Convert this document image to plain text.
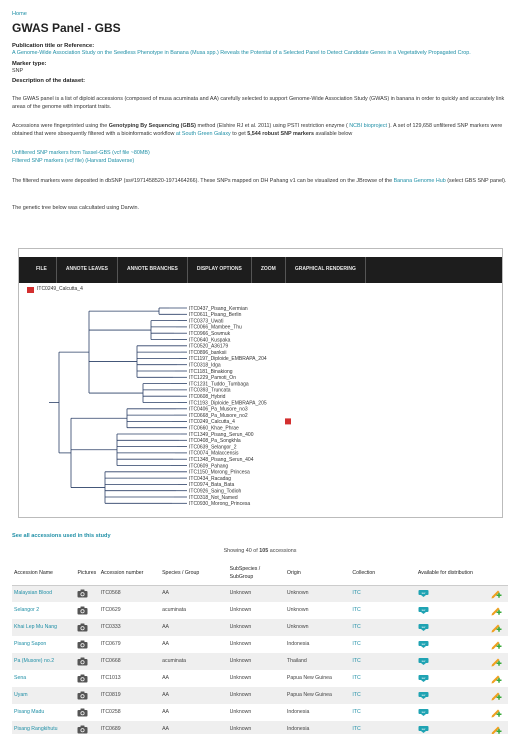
Home
GWAS Panel - GBS
Publication title or Reference:
A Genome-Wide Association Study on the Seedless Phenotype in Banana (Musa spp.) Reveals the Potential of a Selected Panel to Detect Candidate Genes in a Vegetatively Propagated Crop.
Marker type:
SNP
Description of the dataset:
The GWAS panel is a list of diploid accessions (composed of musa acuminata and AA) carefully selected to support Genome-Wide Association Study (GWAS) in banana in order to quickly and accurately link areas of the genome with important traits.
Accessions were fingerprinted using the Genotyping By Sequencing (GBS) method (Elshire RJ et al. 2011) using PSTI restriction enzyme ( NCBI bioproject ). A set of 129,658 unfiltered SNP markers were obtained that were sbsequently filtered with a bioinformatic workflow at South Green Galaxy to get 5,544 robust SNP markers available below
Unfiltered SNP markers from Tassel-GBS (vcf file ~80MB)
Filtered SNP markers (vcf file) (Harvard Dataverse)
The filtered markers were deposited in dbSNP (ss#1971458520-1971464266). These SNPs mapped on DH Pahang v1 can be visualized on the JBrowse of the Banana Genome Hub (select GBS SNP panel).
The genetic tree below was calcultated using Darwin.
FILE	ANNOTE LEAVES	ANNOTE BRANCHES	DISPLAY OPTIONS	ZOOM	GRAPHICAL RENDERING
ITC0249_Calcutta_4
ITC0437_Pisang_Kermian
ITC0611_Pisang_Berlin
ITC0373_Uwati
ITC0066_Mambee_Thu
ITC0966_Sowmuk
ITC0640_Kuspaka
ITC0520_A36179
ITC0896_banksii
ITC1197_Diploide_EMBRAPA_204
ITC0318_Idga
ITC1181_Binakiong
ITC1229_Pamoti_On
ITC1231_Tuddo_Tumbaga
ITC0393_Truncata
ITC0608_Hybrid
ITC1193_Diploide_EMBRAPA_205
ITC0406_Pa_Musore_no3
ITC0668_Pa_Musore_no2
ITC0249_Calcutta_4
ITC0660_Khae_Phrae
ITC1349_Pisang_Serun_400
ITC0408_Pa_Songkhla
ITC0639_Selangor_2
ITC0074_Malaccensis
ITC1348_Pisang_Serun_404
ITC0609_Pahang
ITC1150_Morong_Princesa
ITC0434_Racadag
ITC0974_Bata_Bata
ITC0926_Saing_Todioh
ITC0318_Not_Named
ITC0930_Morong_Princesa
See all accessions used in this study
Showing 40 of 105 accessions
Accession Name	Pictures	Accession number	Species / Group	SubSpecies / SubGroup	Origin	Collection	Available for distribution	
Malaysian Blood		ITC0568	AA	Unknown	Unknown	ITC	sw

Selangor 2		ITC0629	acuminata	Unknown	Unknown	ITC	sw

Khai Lep Mu Nang		ITC0333	AA	Unknown	Unknown	ITC	sw

Pisang Sapon		ITC0679	AA	Unknown	Indonesia	ITC	sw

Pa (Musore) no.2		ITC0668	acuminata	Unknown	Thailand	ITC	sw

Sena		ITC1013	AA	Unknown	Papua New Guinea	ITC	sw

Uyam		ITC0819	AA	Unknown	Papua New Guinea	ITC	sw

Pisang Madu		ITC0258	AA	Unknown	Indonesia	ITC	sw

Pisang Rangkihutu		ITC0689	AA	Unknown	Indonesia	ITC	sw
